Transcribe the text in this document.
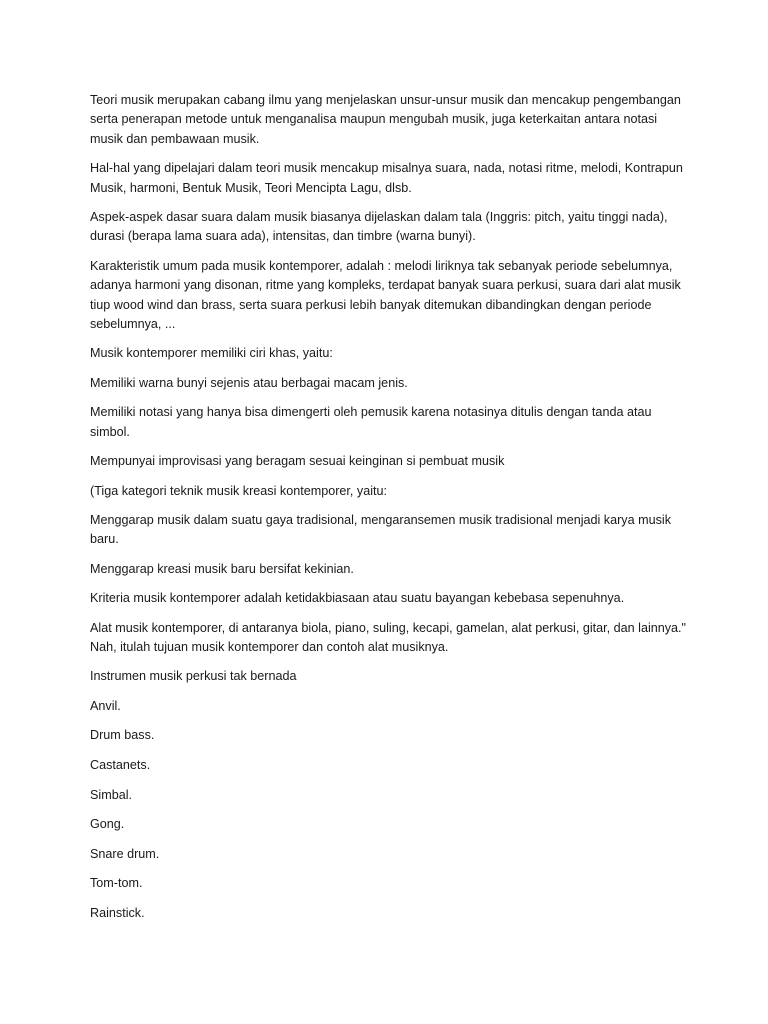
Teori musik merupakan cabang ilmu yang menjelaskan unsur-unsur musik dan mencakup pengembangan serta penerapan metode untuk menganalisa maupun mengubah musik, juga keterkaitan antara notasi musik dan pembawaan musik.

Hal-hal yang dipelajari dalam teori musik mencakup misalnya suara, nada, notasi ritme, melodi, Kontrapun Musik, harmoni, Bentuk Musik, Teori Mencipta Lagu, dlsb.

Aspek-aspek dasar suara dalam musik biasanya dijelaskan dalam tala (Inggris: pitch, yaitu tinggi nada), durasi (berapa lama suara ada), intensitas, dan timbre (warna bunyi).

Karakteristik umum pada musik kontemporer, adalah : melodi liriknya tak sebanyak periode sebelumnya, adanya harmoni yang disonan, ritme yang kompleks, terdapat banyak suara perkusi, suara dari alat musik tiup wood wind dan brass, serta suara perkusi lebih banyak ditemukan dibandingkan dengan periode sebelumnya, ...

Musik kontemporer memiliki ciri khas, yaitu:

Memiliki warna bunyi sejenis atau berbagai macam jenis.

Memiliki notasi yang hanya bisa dimengerti oleh pemusik karena notasinya ditulis dengan tanda atau simbol.

Mempunyai improvisasi yang beragam sesuai keinginan si pembuat musik

(Tiga kategori teknik musik kreasi kontemporer, yaitu:

Menggarap musik dalam suatu gaya tradisional, mengaransemen musik tradisional menjadi karya musik baru.

Menggarap kreasi musik baru bersifat kekinian.

Kriteria musik kontemporer adalah ketidakbiasaan atau suatu bayangan kebebasa sepenuhnya.

Alat musik kontemporer, di antaranya biola, piano, suling, kecapi, gamelan, alat perkusi, gitar, dan lainnya." Nah, itulah tujuan musik kontemporer dan contoh alat musiknya.

Instrumen musik perkusi tak bernada

Anvil.

Drum bass.

Castanets.

Simbal.

Gong.

Snare drum.

Tom-tom.

Rainstick.
